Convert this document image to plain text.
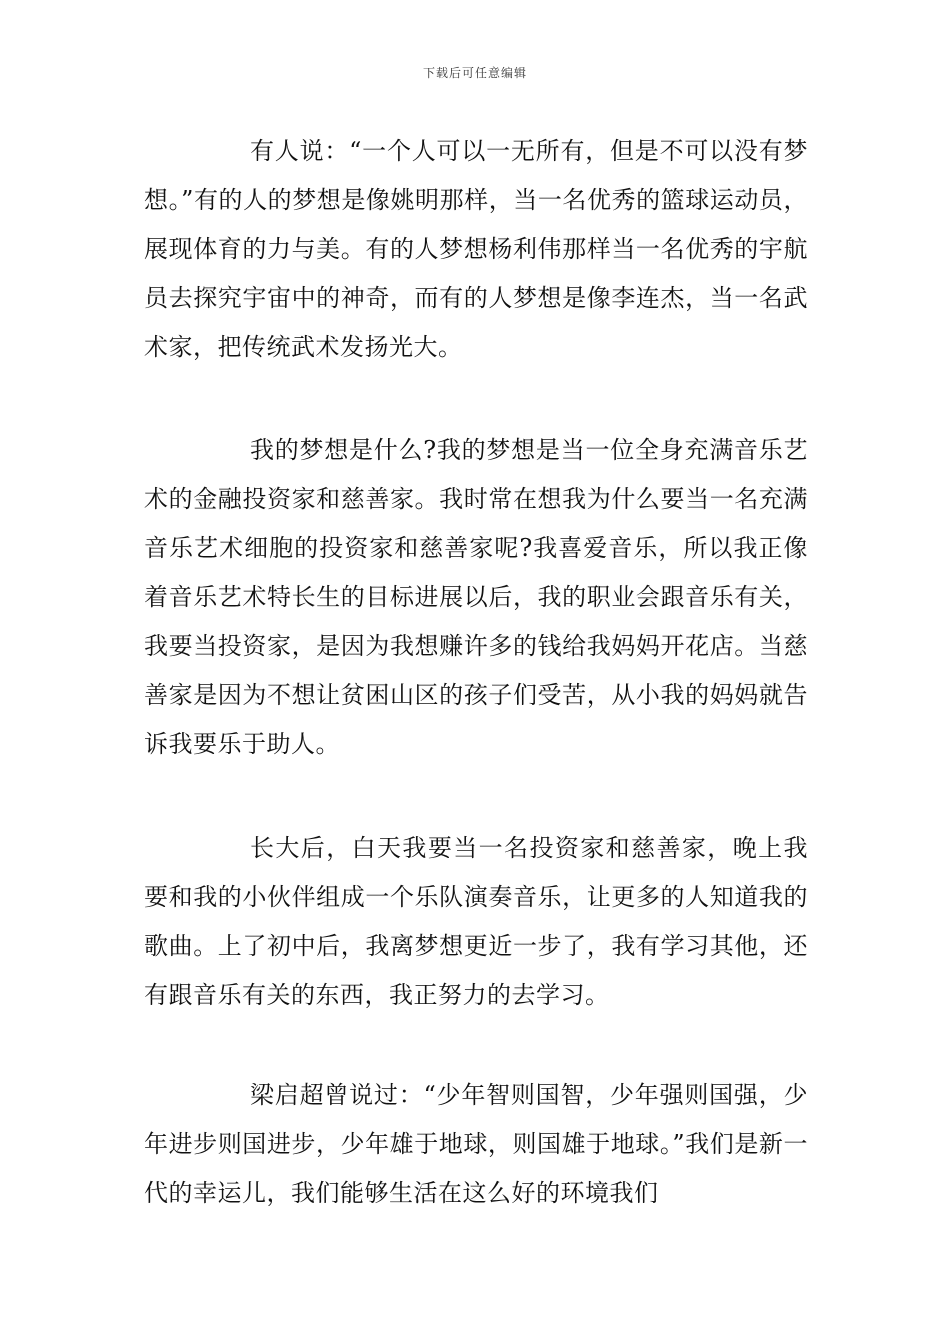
下载后可任意编辑

有人说：“一个人可以一无所有，但是不可以没有梦想。”有的人的梦想是像姚明那样，当一名优秀的篮球运动员，展现体育的力与美。有的人梦想杨利伟那样当一名优秀的宇航员去探究宇宙中的神奇，而有的人梦想是像李连杰，当一名武术家，把传统武术发扬光大。

我的梦想是什么?我的梦想是当一位全身充满音乐艺术的金融投资家和慈善家。我时常在想我为什么要当一名充满音乐艺术细胞的投资家和慈善家呢?我喜爱音乐，所以我正像着音乐艺术特长生的目标进展以后，我的职业会跟音乐有关，我要当投资家，是因为我想赚许多的钱给我妈妈开花店。当慈善家是因为不想让贫困山区的孩子们受苦，从小我的妈妈就告诉我要乐于助人。

长大后，白天我要当一名投资家和慈善家，晚上我要和我的小伙伴组成一个乐队演奏音乐，让更多的人知道我的歌曲。上了初中后，我离梦想更近一步了，我有学习其他，还有跟音乐有关的东西，我正努力的去学习。

梁启超曾说过：“少年智则国智，少年强则国强，少年进步则国进步，少年雄于地球，则国雄于地球。”我们是新一代的幸运儿，我们能够生活在这么好的环境我们
